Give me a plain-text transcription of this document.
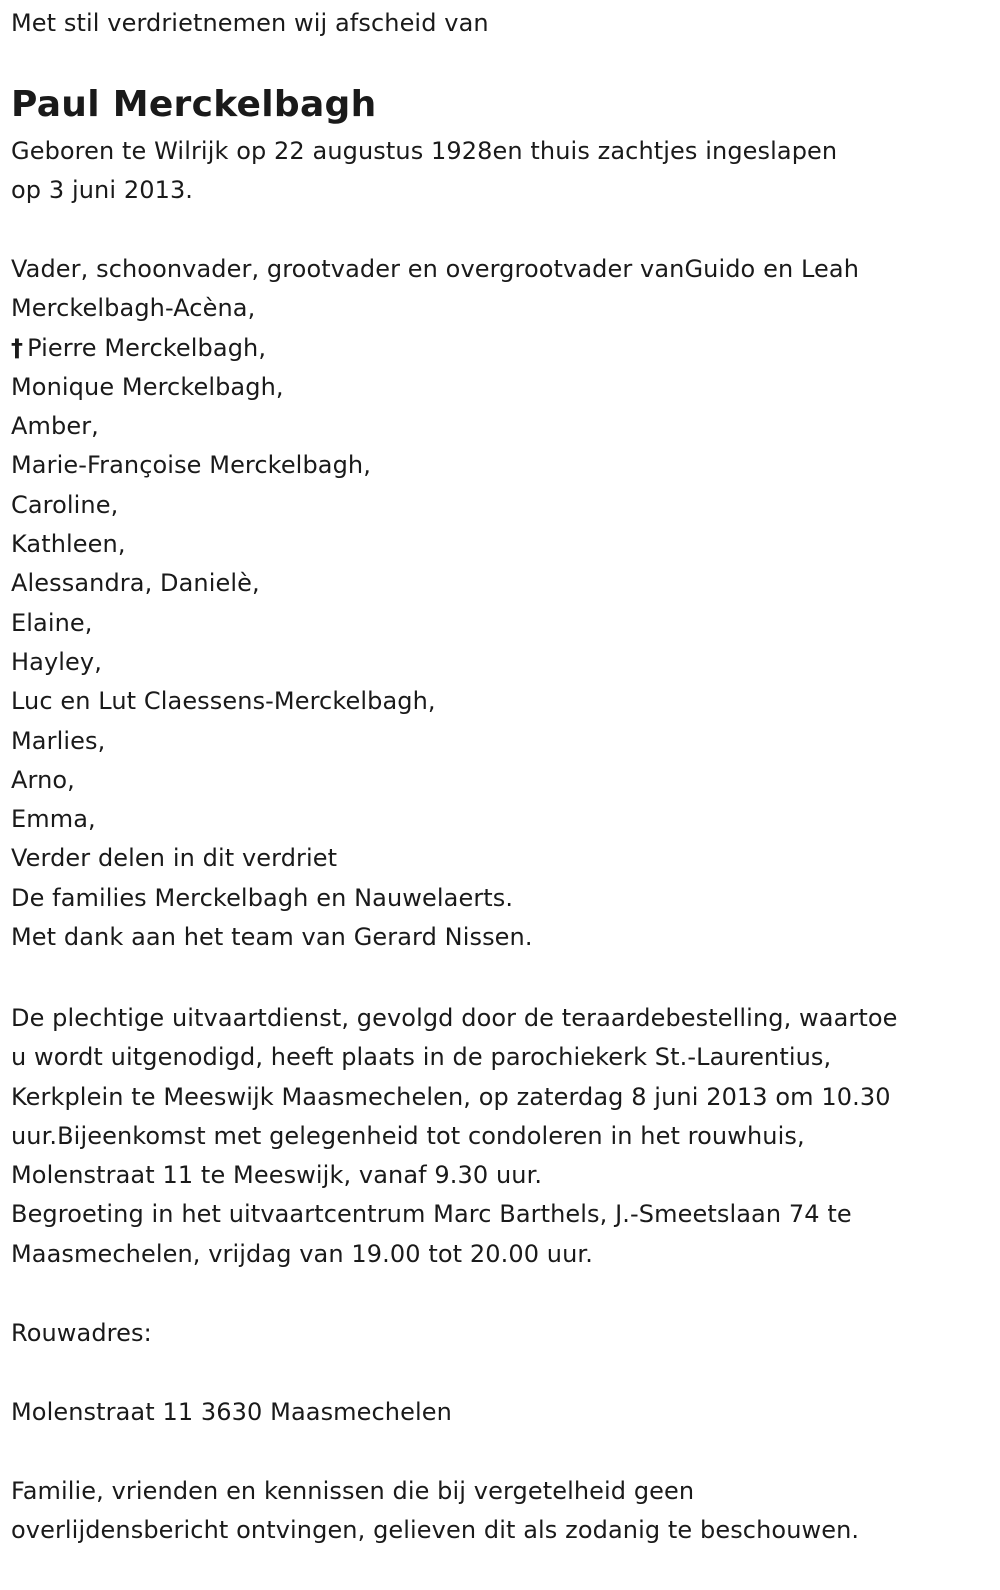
Met stil verdrietnemen wij afscheid van
Paul Merckelbagh
Geboren te Wilrijk op 22 augustus 1928en thuis zachtjes ingeslapen
op 3 juni 2013.
Vader, schoonvader, grootvader en overgrootvader vanGuido en Leah
Merckelbagh-Acèna,
† Pierre Merckelbagh,
Monique Merckelbagh,
Amber,
Marie-Françoise Merckelbagh,
Caroline,
Kathleen,
Alessandra, Danielè,
Elaine,
Hayley,
Luc en Lut Claessens-Merckelbagh,
Marlies,
Arno,
Emma,
Verder delen in dit verdriet
De families Merckelbagh en Nauwelaerts.
Met dank aan het team van Gerard Nissen.
De plechtige uitvaartdienst, gevolgd door de teraardebestelling, waartoe
u wordt uitgenodigd, heeft plaats in de parochiekerk St.-Laurentius,
Kerkplein te Meeswijk Maasmechelen, op zaterdag 8 juni 2013 om 10.30
uur.Bijeenkomst met gelegenheid tot condoleren in het rouwhuis,
Molenstraat 11 te Meeswijk, vanaf 9.30 uur.
Begroeting in het uitvaartcentrum Marc Barthels, J.-Smeetslaan 74 te
Maasmechelen, vrijdag van 19.00 tot 20.00 uur.
Rouwadres:
Molenstraat 11 3630 Maasmechelen
Familie, vrienden en kennissen die bij vergetelheid geen
overlijdensbericht ontvingen, gelieven dit als zodanig te beschouwen.
